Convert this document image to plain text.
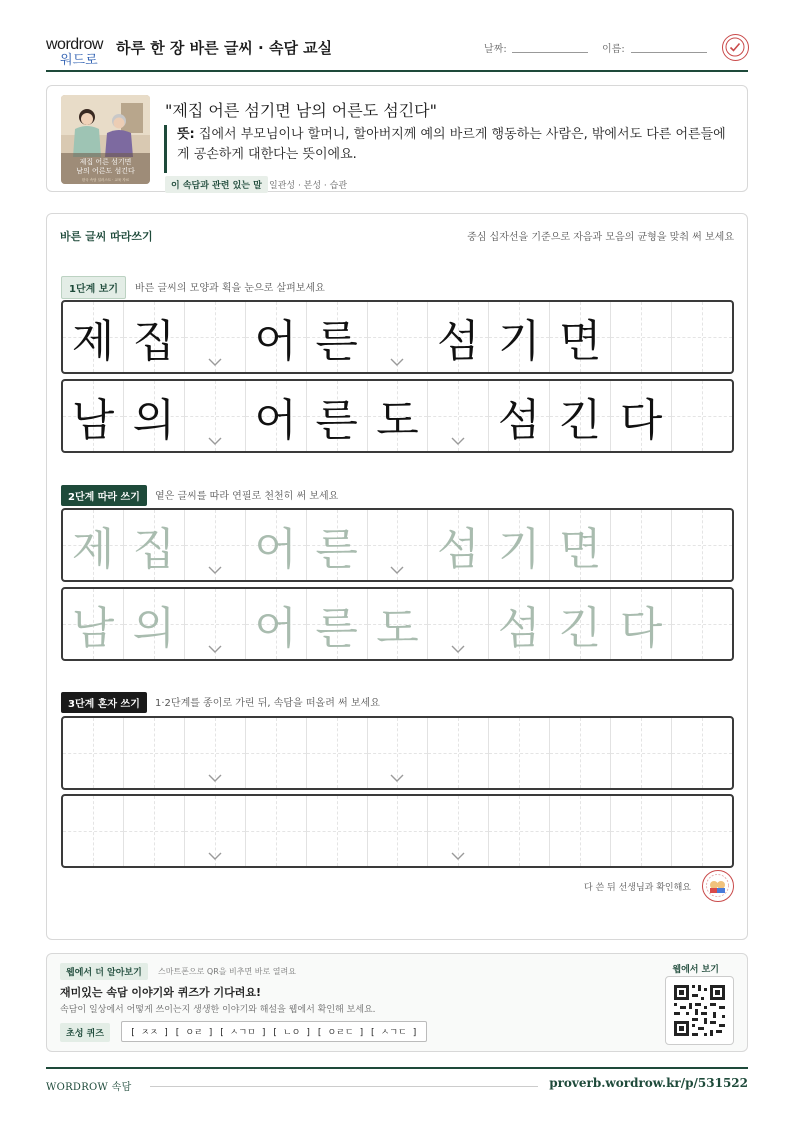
wordrow
워드로
하루 한 장 바른 글씨 · 속담 교실	날짜:	이름:
제집 어른 섬기면
남의 어른도 섬긴다
한국 속담 일러스트 · 교육 자료
"제집 어른 섬기면 남의 어른도 섬긴다"
뜻: 집에서 부모님이나 할머니, 할아버지께 예의 바르게 행동하는 사람은, 밖에서도 다른 어른들에게 공손하게 대한다는 뜻이에요.
이 속담과 관련 있는 말 일관성 · 본성 · 습관
바른 글씨 따라쓰기	중심 십자선을 기준으로 자음과 모음의 균형을 맞춰 써 보세요
1단계 보기	바른 글씨의 모양과 획을 눈으로 살펴보세요
제 집 어 른 섬 기 면
남 의 어 른 도 섬 긴 다
2단계 따라 쓰기	옅은 글씨를 따라 연필로 천천히 써 보세요
제 집 어 른 섬 기 면
남 의 어 른 도 섬 긴 다
3단계 혼자 쓰기	1·2단계를 종이로 가린 뒤, 속담을 떠올려 써 보세요
다 쓴 뒤 선생님과 확인해요
웹에서 더 알아보기	스마트폰으로 QR을 비추면 바로 열려요
재미있는 속담 이야기와 퀴즈가 기다려요!
속담이 일상에서 어떻게 쓰이는지 생생한 이야기와 해설을 웹에서 확인해 보세요.
초성 퀴즈	[ ㅈㅈ ] [ ㅇㄹ ] [ ㅅㄱㅁ ] [ ㄴㅇ ] [ ㅇㄹㄷ ] [ ㅅㄱㄷ ]
웹에서 보기
WORDROW 속담	proverb.wordrow.kr/p/531522
